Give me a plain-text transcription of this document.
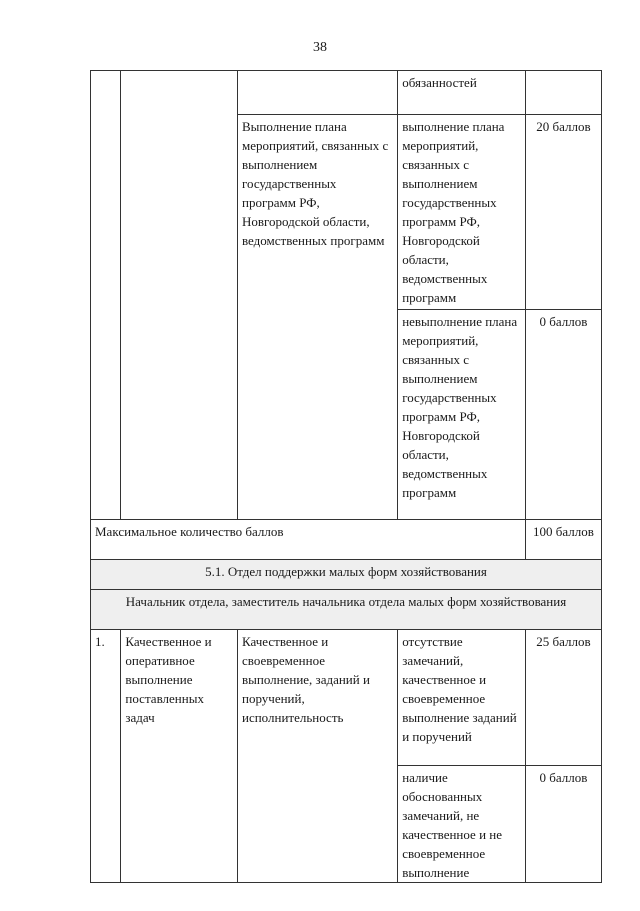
38
			обязанностей	
		Выполнение плана мероприятий, связанных с выполнением государственных программ РФ, Новгородской области, ведомственных программ	выполнение плана мероприятий, связанных с выполнением государственных программ РФ, Новгородской области, ведомственных программ	20 баллов
			невыполнение плана мероприятий, связанных с выполнением государственных программ РФ, Новгородской области, ведомственных программ	0 баллов
Максимальное количество баллов				100 баллов
5.1. Отдел поддержки малых форм хозяйствования				
Начальник отдела, заместитель начальника отдела малых форм хозяйствования				
1.	Качественное и оперативное выполнение поставленных задач	Качественное и своевременное выполнение, заданий и поручений, исполнительность	отсутствие замечаний, качественное и своевременное выполнение заданий и поручений	25 баллов
			наличие обоснованных замечаний, не качественное и не своевременное выполнение	0 баллов
